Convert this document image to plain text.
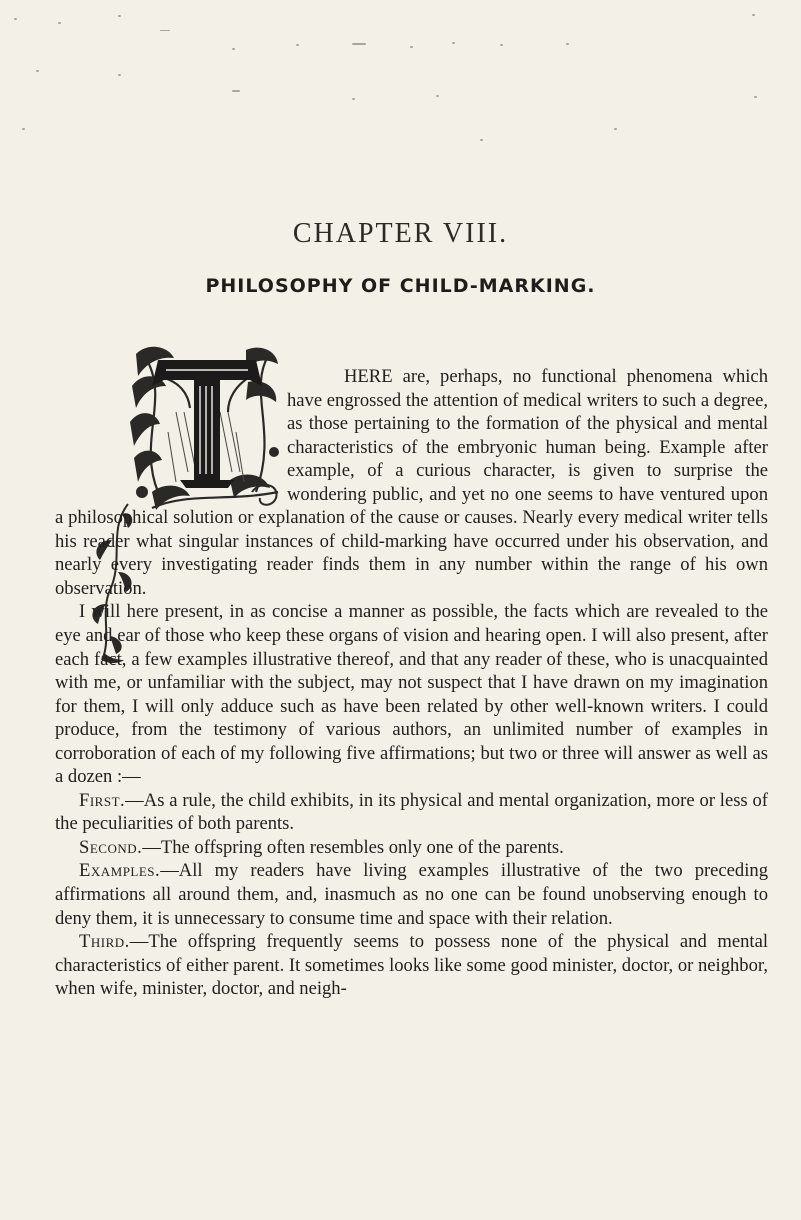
CHAPTER VIII.
PHILOSOPHY OF CHILD-MARKING.

HERE are, perhaps, no functional phenomena which have engrossed the attention of medical writers to such a degree, as those pertaining to the formation of the physical and mental characteristics of the embryonic human being. Example after example, of a curious character, is given to surprise the wondering public, and yet no one seems to have ventured upon a philosophical solution or explanation of the cause or causes. Nearly every medical writer tells his reader what singular instances of child-marking have occurred under his observation, and nearly every investigating reader finds them in any number within the range of his own observation.

I will here present, in as concise a manner as possible, the facts which are revealed to the eye and ear of those who keep these organs of vision and hearing open. I will also present, after each fact, a few examples illustrative thereof, and that any reader of these, who is unacquainted with me, or unfamiliar with the subject, may not suspect that I have drawn on my imagination for them, I will only adduce such as have been related by other well-known writers. I could produce, from the testimony of various authors, an unlimited number of examples in corroboration of each of my following five affirmations; but two or three will answer as well as a dozen :—

First.—As a rule, the child exhibits, in its physical and mental organization, more or less of the peculiarities of both parents.

Second.—The offspring often resembles only one of the parents.

Examples.—All my readers have living examples illustrative of the two preceding affirmations all around them, and, inasmuch as no one can be found unobserving enough to deny them, it is unnecessary to consume time and space with their relation.

Third.—The offspring frequently seems to possess none of the physical and mental characteristics of either parent. It sometimes looks like some good minister, doctor, or neighbor, when wife, minister, doctor, and neigh-
